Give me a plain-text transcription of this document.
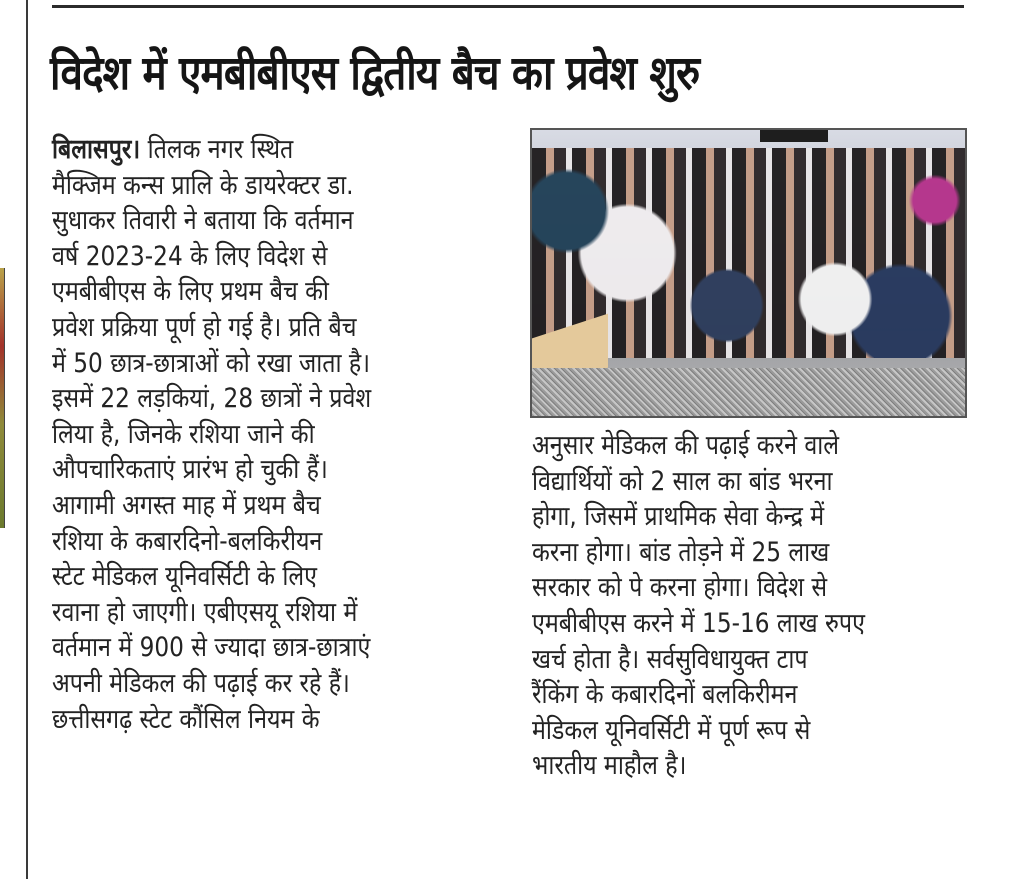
विदेश में एमबीबीएस द्वितीय बैच का प्रवेश शुरु
बिलासपुर। तिलक नगर स्थित
मैक्जिम कन्स प्रालि के डायरेक्टर डा.
सुधाकर तिवारी ने बताया कि वर्तमान
वर्ष 2023-24 के लिए विदेश से
एमबीबीएस के लिए प्रथम बैच की
प्रवेश प्रक्रिया पूर्ण हो गई है। प्रति बैच
में 50 छात्र-छात्राओं को रखा जाता है।
इसमें 22 लड़कियां, 28 छात्रों ने प्रवेश
लिया है, जिनके रशिया जाने की
औपचारिकताएं प्रारंभ हो चुकी हैं।
आगामी अगस्त माह में प्रथम बैच
रशिया के कबारदिनो-बलकिरीयन
स्टेट मेडिकल यूनिवर्सिटी के लिए
रवाना हो जाएगी। एबीएसयू रशिया में
वर्तमान में 900 से ज्यादा छात्र-छात्राएं
अपनी मेडिकल की पढ़ाई कर रहे हैं।
छत्तीसगढ़ स्टेट कौंसिल नियम के
अनुसार मेडिकल की पढ़ाई करने वाले
विद्यार्थियों को 2 साल का बांड भरना
होगा, जिसमें प्राथमिक सेवा केन्द्र में
करना होगा। बांड तोड़ने में 25 लाख
सरकार को पे करना होगा। विदेश से
एमबीबीएस करने में 15-16 लाख रुपए
खर्च होता है। सर्वसुविधायुक्त टाप
रैंकिंग के कबारदिनों बलकिरीमन
मेडिकल यूनिवर्सिटी में पूर्ण रूप से
भारतीय माहौल है।
